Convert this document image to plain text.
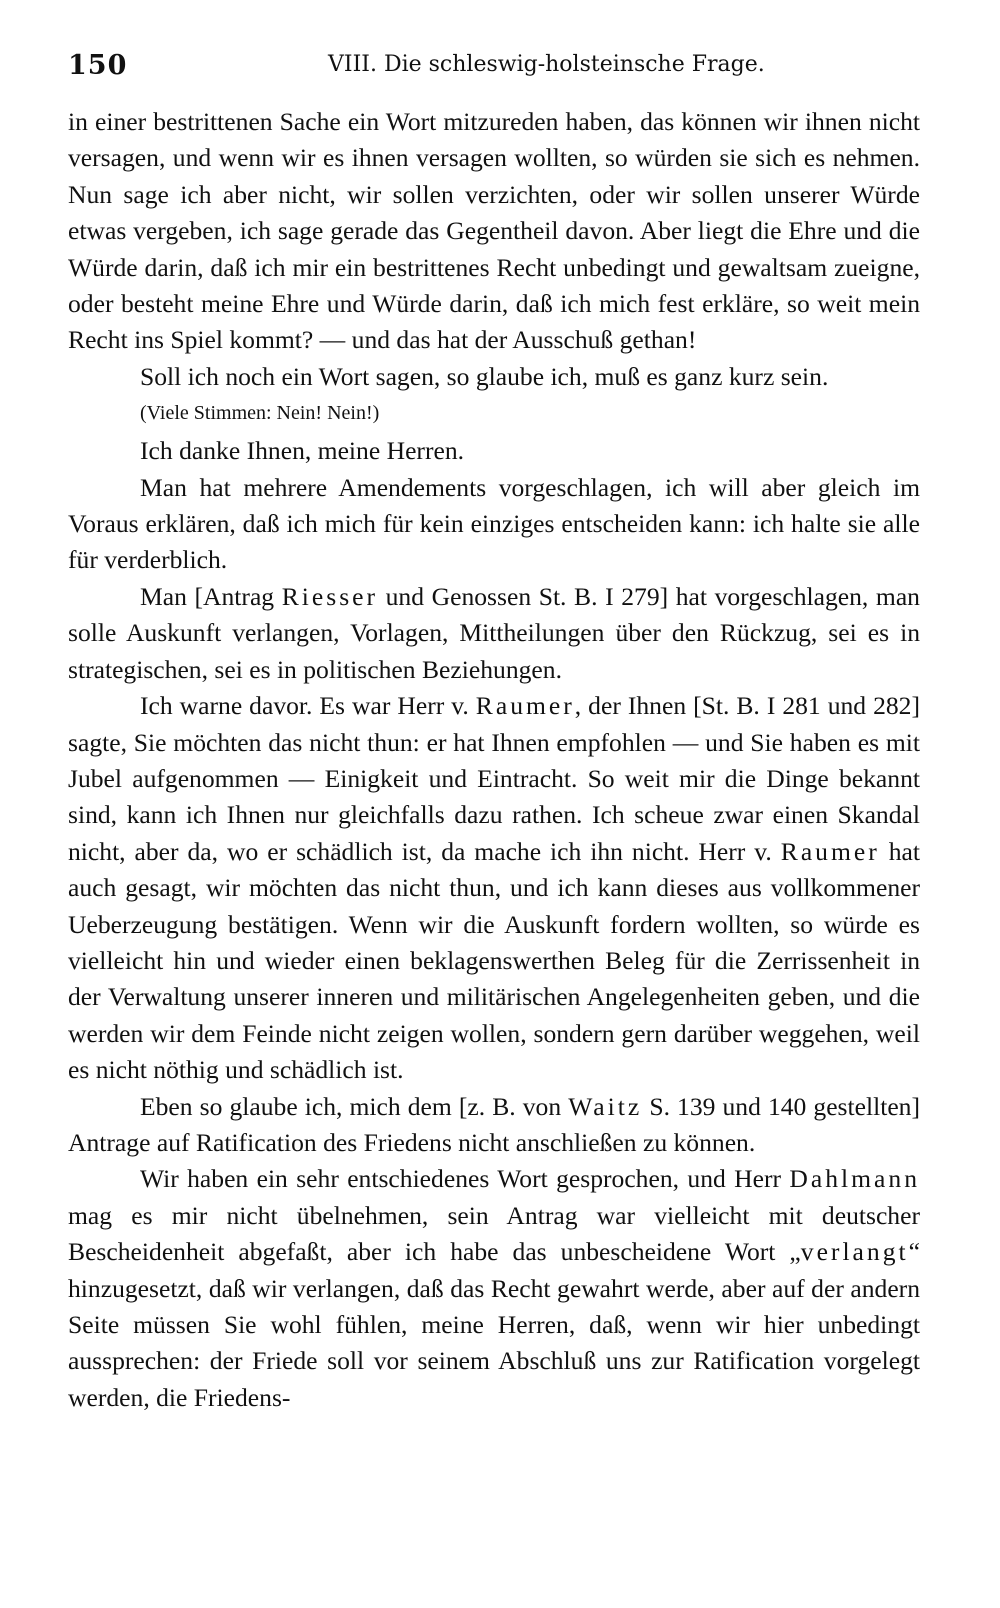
150	VIII. Die schleswig-holsteinsche Frage.

in einer bestrittenen Sache ein Wort mitzureden haben, das können wir ihnen nicht versagen, und wenn wir es ihnen versagen wollten, so würden sie sich es nehmen. Nun sage ich aber nicht, wir sollen verzichten, oder wir sollen unserer Würde etwas vergeben, ich sage gerade das Gegentheil davon. Aber liegt die Ehre und die Würde darin, daß ich mir ein bestrittenes Recht unbedingt und gewaltsam zueigne, oder besteht meine Ehre und Würde darin, daß ich mich fest erkläre, so weit mein Recht ins Spiel kommt? — und das hat der Ausschuß gethan!

Soll ich noch ein Wort sagen, so glaube ich, muß es ganz kurz sein.

(Viele Stimmen: Nein! Nein!)

Ich danke Ihnen, meine Herren.

Man hat mehrere Amendements vorgeschlagen, ich will aber gleich im Voraus erklären, daß ich mich für kein einziges entscheiden kann: ich halte sie alle für verderblich.

Man [Antrag Riesser und Genossen St. B. I 279] hat vorgeschlagen, man solle Auskunft verlangen, Vorlagen, Mittheilungen über den Rückzug, sei es in strategischen, sei es in politischen Beziehungen.

Ich warne davor. Es war Herr v. Raumer, der Ihnen [St. B. I 281 und 282] sagte, Sie möchten das nicht thun: er hat Ihnen empfohlen — und Sie haben es mit Jubel aufgenommen — Einigkeit und Eintracht. So weit mir die Dinge bekannt sind, kann ich Ihnen nur gleichfalls dazu rathen. Ich scheue zwar einen Skandal nicht, aber da, wo er schädlich ist, da mache ich ihn nicht. Herr v. Raumer hat auch gesagt, wir möchten das nicht thun, und ich kann dieses aus vollkommener Ueberzeugung bestätigen. Wenn wir die Auskunft fordern wollten, so würde es vielleicht hin und wieder einen beklagenswerthen Beleg für die Zerrissenheit in der Verwaltung unserer inneren und militärischen Angelegenheiten geben, und die werden wir dem Feinde nicht zeigen wollen, sondern gern darüber weggehen, weil es nicht nöthig und schädlich ist.

Eben so glaube ich, mich dem [z. B. von Waitz S. 139 und 140 gestellten] Antrage auf Ratification des Friedens nicht anschließen zu können.

Wir haben ein sehr entschiedenes Wort gesprochen, und Herr Dahlmann mag es mir nicht übelnehmen, sein Antrag war vielleicht mit deutscher Bescheidenheit abgefaßt, aber ich habe das unbescheidene Wort „verlangt“ hinzugesetzt, daß wir verlangen, daß das Recht gewahrt werde, aber auf der andern Seite müssen Sie wohl fühlen, meine Herren, daß, wenn wir hier unbedingt aussprechen: der Friede soll vor seinem Abschluß uns zur Ratification vorgelegt werden, die Friedens-
